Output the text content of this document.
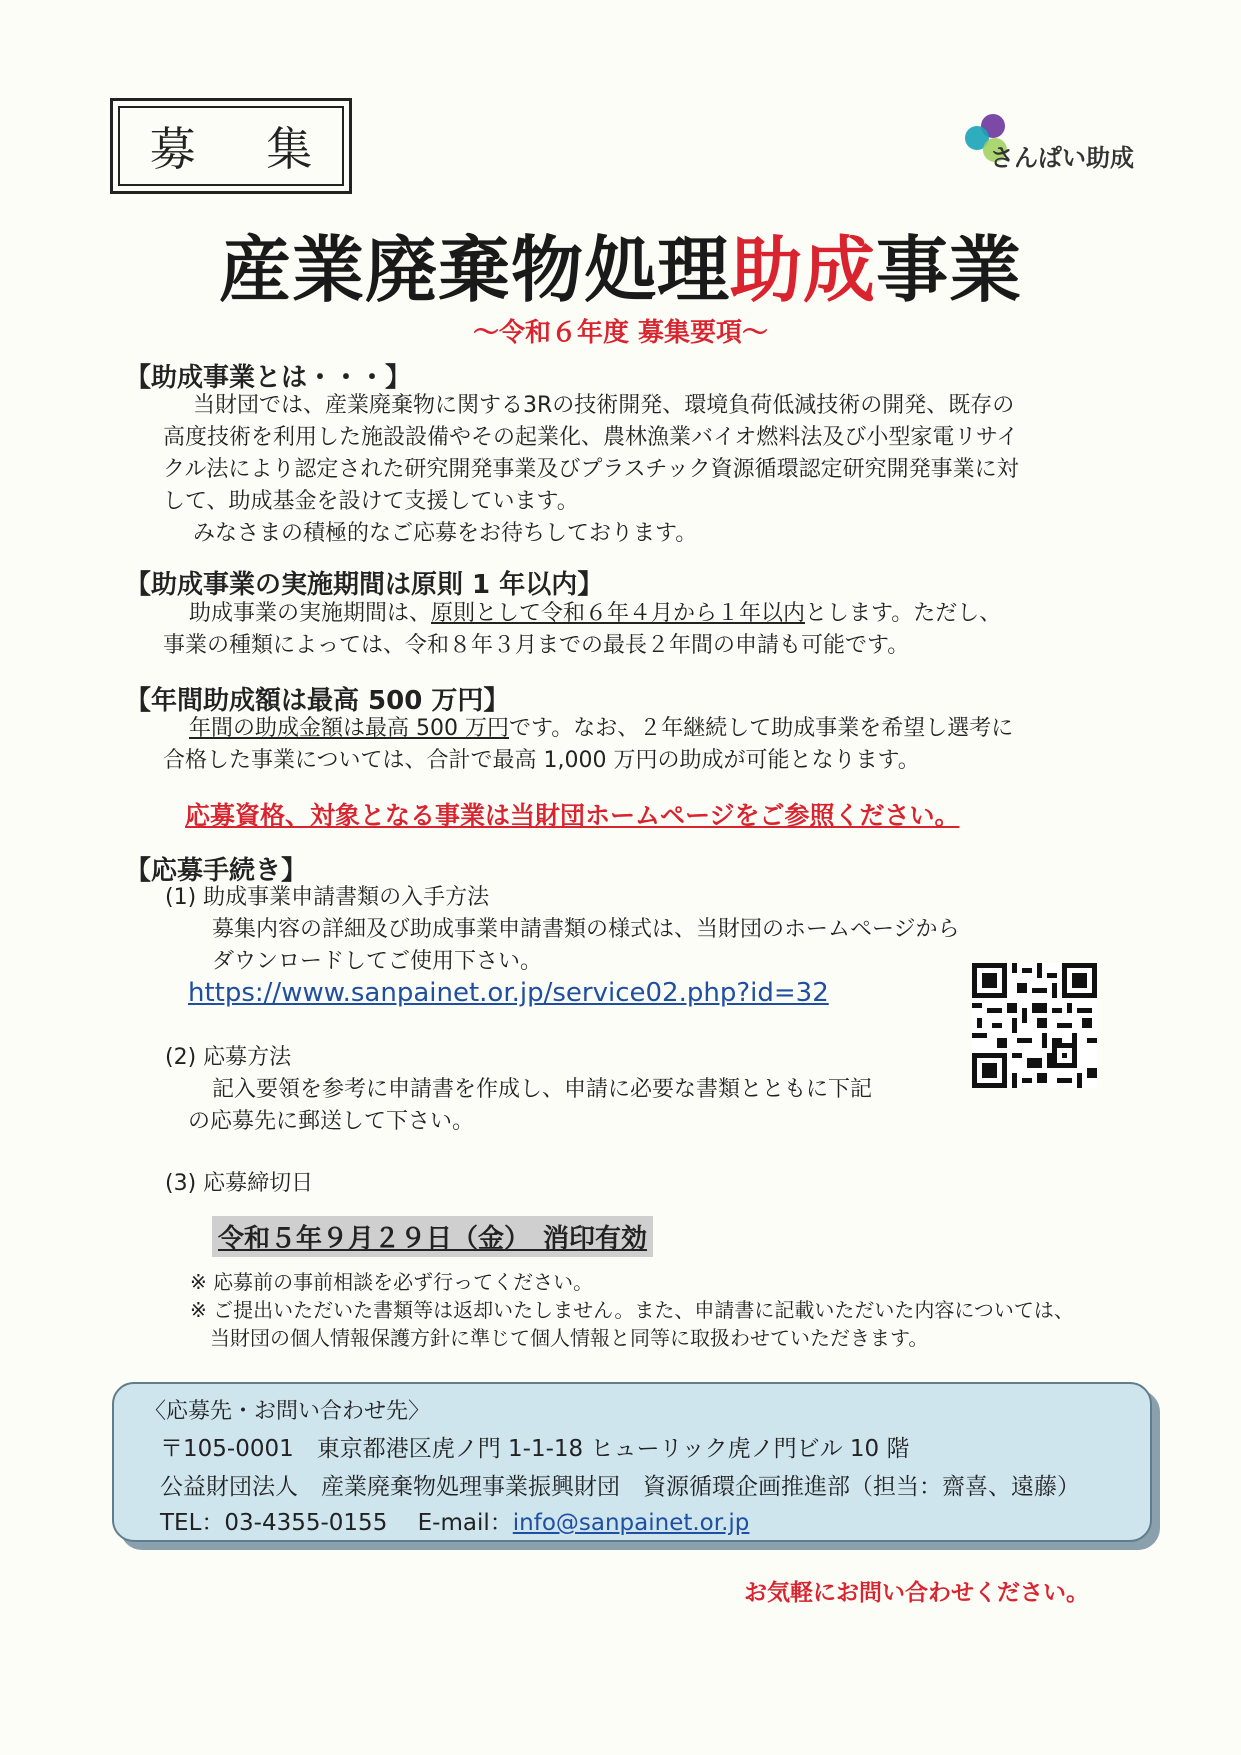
募 集	さんぱい助成
産業廃棄物処理助成事業
～令和６年度 募集要項～
【助成事業とは・・・】
当財団では、産業廃棄物に関する3Rの技術開発、環境負荷低減技術の開発、既存の
高度技術を利用した施設設備やその起業化、農林漁業バイオ燃料法及び小型家電リサイ
クル法により認定された研究開発事業及びプラスチック資源循環認定研究開発事業に対
して、助成基金を設けて支援しています。
みなさまの積極的なご応募をお待ちしております。
【助成事業の実施期間は原則 1 年以内】
助成事業の実施期間は、原則として令和６年４月から１年以内とします。ただし、
事業の種類によっては、令和８年３月までの最長２年間の申請も可能です。
【年間助成額は最高 500 万円】
年間の助成金額は最高 500 万円です。なお、２年継続して助成事業を希望し選考に
合格した事業については、合計で最高 1,000 万円の助成が可能となります。
応募資格、対象となる事業は当財団ホームページをご参照ください。
【応募手続き】
(1) 助成事業申請書類の入手方法
募集内容の詳細及び助成事業申請書類の様式は、当財団のホームページから
ダウンロードしてご使用下さい。
https://www.sanpainet.or.jp/service02.php?id=32
(2) 応募方法
記入要領を参考に申請書を作成し、申請に必要な書類とともに下記
の応募先に郵送して下さい。
(3) 応募締切日
令和５年９月２９日（金）　消印有効
※ 応募前の事前相談を必ず行ってください。
※ ご提出いただいた書類等は返却いたしません。また、申請書に記載いただいた内容については、
当財団の個人情報保護方針に準じて個人情報と同等に取扱わせていただきます。
〈応募先・お問い合わせ先〉
〒105-0001　東京都港区虎ノ門 1-1-18 ヒューリック虎ノ門ビル 10 階
公益財団法人　産業廃棄物処理事業振興財団　資源循環企画推進部（担当：齋喜、遠藤）
TEL：03-4355-0155　 E-mail：info@sanpainet.or.jp
お気軽にお問い合わせください。
